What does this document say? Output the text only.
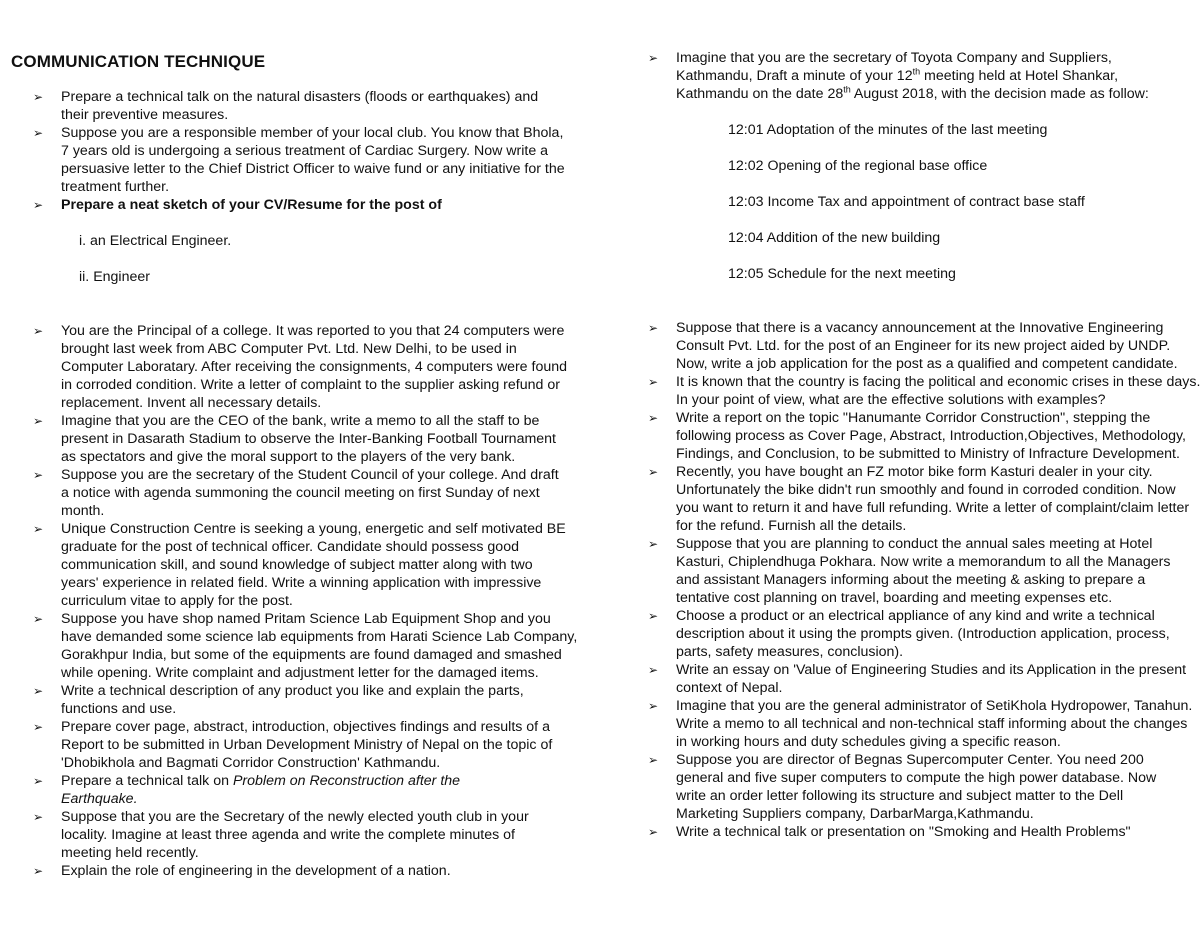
COMMUNICATION TECHNIQUE
➢ Prepare a technical talk on the natural disasters (floods or earthquakes) and their preventive measures.
➢ Suppose you are a responsible member of your local club. You know that Bhola, 7 years old is undergoing a serious treatment of Cardiac Surgery. Now write a persuasive letter to the Chief District Officer to waive fund or any initiative for the treatment further.
➢ Prepare a neat sketch of your CV/Resume for the post of

i. an Electrical Engineer.

ii. Engineer

➢ You are the Principal of a college. It was reported to you that 24 computers were brought last week from ABC Computer Pvt. Ltd. New Delhi, to be used in Computer Laboratary. After receiving the consignments, 4 computers were found in corroded condition. Write a letter of complaint to the supplier asking refund or replacement. Invent all necessary details.
➢ Imagine that you are the CEO of the bank, write a memo to all the staff to be present in Dasarath Stadium to observe the Inter-Banking Football Tournament as spectators and give the moral support to the players of the very bank.
➢ Suppose you are the secretary of the Student Council of your college. And draft a notice with agenda summoning the council meeting on first Sunday of next month.
➢ Unique Construction Centre is seeking a young, energetic and self motivated BE graduate for the post of technical officer. Candidate should possess good communication skill, and sound knowledge of subject matter along with two years' experience in related field. Write a winning application with impressive curriculum vitae to apply for the post.
➢ Suppose you have shop named Pritam Science Lab Equipment Shop and you have demanded some science lab equipments from Harati Science Lab Company, Gorakhpur India, but some of the equipments are found damaged and smashed while opening. Write complaint and adjustment letter for the damaged items.
➢ Write a technical description of any product you like and explain the parts, functions and use.
➢ Prepare cover page, abstract, introduction, objectives findings and results of a Report to be submitted in Urban Development Ministry of Nepal on the topic of 'Dhobikhola and Bagmati Corridor Construction' Kathmandu.
➢ Prepare a technical talk on Problem on Reconstruction after the Earthquake.
➢ Suppose that you are the Secretary of the newly elected youth club in your locality. Imagine at least three agenda and write the complete minutes of meeting held recently.
➢ Explain the role of engineering in the development of a nation.
➢ Imagine that you are the secretary of Toyota Company and Suppliers, Kathmandu, Draft a minute of your 12th meeting held at Hotel Shankar, Kathmandu on the date 28th August 2018, with the decision made as follow:

12:01 Adoptation of the minutes of the last meeting

12:02 Opening of the regional base office

12:03 Income Tax and appointment of contract base staff

12:04 Addition of the new building

12:05 Schedule for the next meeting

➢ Suppose that there is a vacancy announcement at the Innovative Engineering Consult Pvt. Ltd. for the post of an Engineer for its new project aided by UNDP. Now, write a job application for the post as a qualified and competent candidate.
➢ It is known that the country is facing the political and economic crises in these days. In your point of view, what are the effective solutions with examples?
➢ Write a report on the topic "Hanumante Corridor Construction", stepping the following process as Cover Page, Abstract, Introduction,Objectives, Methodology, Findings, and Conclusion, to be submitted to Ministry of Infracture Development.
➢ Recently, you have bought an FZ motor bike form Kasturi dealer in your city. Unfortunately the bike didn't run smoothly and found in corroded condition. Now you want to return it and have full refunding. Write a letter of complaint/claim letter for the refund. Furnish all the details.
➢ Suppose that you are planning to conduct the annual sales meeting at Hotel Kasturi, Chiplendhuga Pokhara. Now write a memorandum to all the Managers and assistant Managers informing about the meeting & asking to prepare a tentative cost planning on travel, boarding and meeting expenses etc.
➢ Choose a product or an electrical appliance of any kind and write a technical description about it using the prompts given. (Introduction application, process, parts, safety measures, conclusion).
➢ Write an essay on 'Value of Engineering Studies and its Application in the present context of Nepal.
➢ Imagine that you are the general administrator of SetiKhola Hydropower, Tanahun. Write a memo to all technical and non-technical staff informing about the changes in working hours and duty schedules giving a specific reason.
➢ Suppose you are director of Begnas Supercomputer Center. You need 200 general and five super computers to compute the high power database. Now write an order letter following its structure and subject matter to the Dell Marketing Suppliers company, DarbarMarga,Kathmandu.
➢ Write a technical talk or presentation on "Smoking and Health Problems"
